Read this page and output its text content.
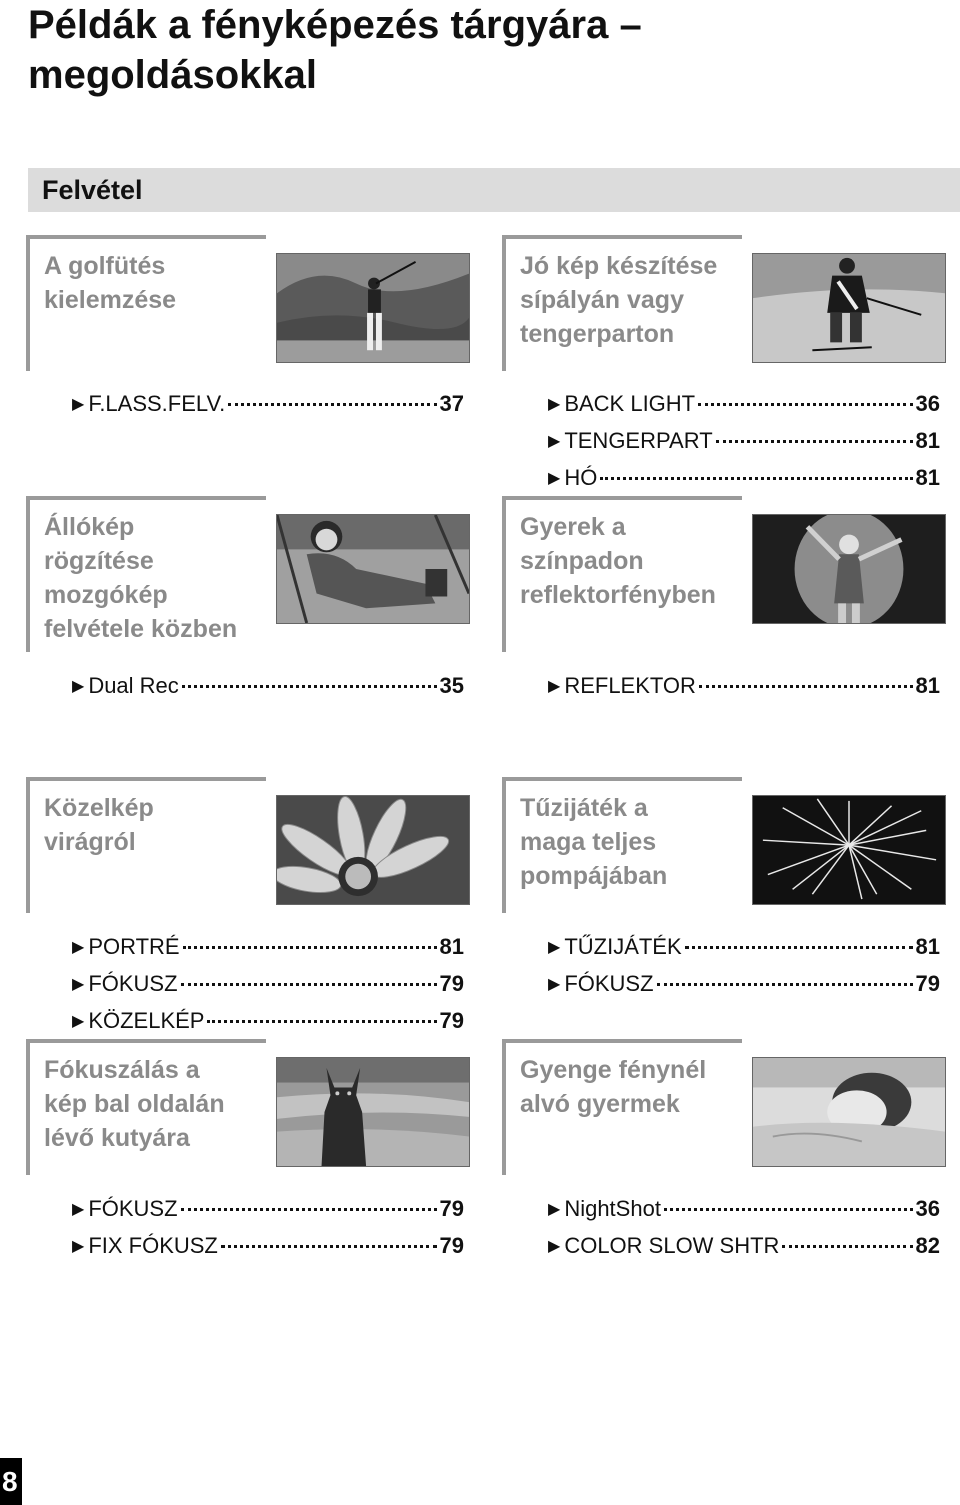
Példák a fényképezés tárgyára – megoldásokkal
Felvétel
A golfütés
kielemzése
▶ F.LASS.FELV.	37
Jó kép készítése
sípályán vagy
tengerparton
▶ BACK LIGHT	36
▶ TENGERPART	81
▶ HÓ	81
Állókép
rögzítése
mozgókép
felvétele közben
▶ Dual Rec	35
Gyerek a
színpadon
reflektorfényben
▶ REFLEKTOR	81
Közelkép
virágról
▶ PORTRÉ	81
▶ FÓKUSZ	79
▶ KÖZELKÉP	79
Tűzijáték a
maga teljes
pompájában
▶ TŰZIJÁTÉK	81
▶ FÓKUSZ	79
Fókuszálás a
kép bal oldalán
lévő kutyára
▶ FÓKUSZ	79
▶ FIX FÓKUSZ	79
Gyenge fénynél
alvó gyermek
▶ NightShot	36
▶ COLOR SLOW SHTR	82
8
